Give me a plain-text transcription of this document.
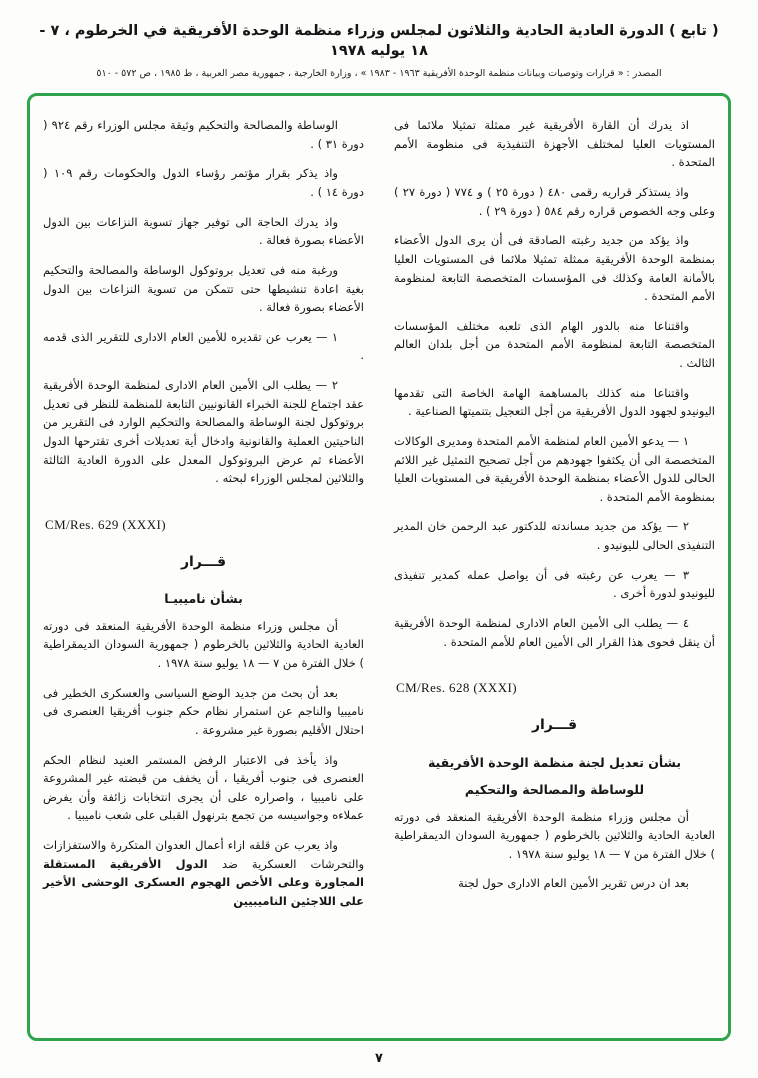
( تابع ) الدورة العادية الحادية والثلاثون لمجلس وزراء منظمة الوحدة الأفريقية في الخرطوم ، ٧ - ١٨ يوليه ١٩٧٨

المصدر : « قرارات وتوصيات وبيانات منظمة الوحدة الأفريقية ١٩٦٣ - ١٩٨٣ » ، وزارة الخارجية ، جمهورية مصر العربية ، ط ١٩٨٥ ، ص ٥٧٢ - ٥١٠

اذ يدرك أن القارة الأفريقية غير ممثلة تمثيلا ملائما فى المستويات العليا لمختلف الأجهزة التنفيذية فى منظومة الأمم المتحدة .

واذ يستذكر قراريه رقمى ٤٨٠ ( دورة ٢٥ ) و ٧٧٤ ( دورة ٢٧ ) وعلى وجه الخصوص قراره رقم ٥٨٤ ( دورة ٢٩ ) .

واذ يؤكد من جديد رغبته الصادقة فى أن يرى الدول الأعضاء بمنظمة الوحدة الأفريقية ممثلة تمثيلا ملائما فى المستويات العليا بالأمانة العامة وكذلك فى المؤسسات المتخصصة التابعة لمنظومة الأمم المتحدة .

واقتناعا منه بالدور الهام الذى تلعبه مختلف المؤسسات المتخصصة التابعة لمنظومة الأمم المتحدة من أجل بلدان العالم الثالث .

واقتناعا منه كذلك بالمساهمة الهامة الخاصة التى تقدمها اليونيدو لجهود الدول الأفريقية من أجل التعجيل بتنميتها الصناعية .

١ — يدعو الأمين العام لمنظمة الأمم المتحدة ومديرى الوكالات المتخصصة الى أن يكثفوا جهودهم من أجل تصحيح التمثيل غير اللائم الحالى للدول الأعضاء بمنظمة الوحدة الأفريقية فى المستويات العليا بمنظومة الأمم المتحدة .

٢ — يؤكد من جديد مساندته للدكتور عبد الرحمن خان المدير التنفيذى الحالى لليونيدو .

٣ — يعرب عن رغبته فى أن يواصل عمله كمدير تنفيذى لليونيدو لدورة أخرى .

٤ — يطلب الى الأمين العام الادارى لمنظمة الوحدة الأفريقية أن ينقل فحوى هذا القرار الى الأمين العام للأمم المتحدة .

CM/Res. 628 (XXXI)

قـــرار

بشأن تعديل لجنة منظمة الوحدة الأفريقية

للوساطة والمصالحة والتحكيم

أن مجلس وزراء منظمة الوحدة الأفريقية المنعقد فى دورته العادية الحادية والثلاثين بالخرطوم ( جمهورية السودان الديمقراطية ) خلال الفترة من ٧ — ١٨ يوليو سنة ١٩٧٨ .

بعد ان درس تقرير الأمين العام الادارى حول لجنة

الوساطة والمصالحة والتحكيم وثيقة مجلس الوزراء رقم ٩٢٤ ( دورة ٣١ ) .

واذ يذكر بقرار مؤتمر رؤساء الدول والحكومات رقم ١٠٩ ( دورة ١٤ ) .

واذ يدرك الحاجة الى توفير جهاز تسوية النزاعات بين الدول الأعضاء بصورة فعالة .

ورغبة منه فى تعديل بروتوكول الوساطة والمصالحة والتحكيم بغية اعادة تنشيطها حتى تتمكن من تسوية النزاعات بين الدول الأعضاء بصورة فعالة .

١ — يعرب عن تقديره للأمين العام الادارى للتقرير الذى قدمه .

٢ — يطلب الى الأمين العام الادارى لمنظمة الوحدة الأفريقية عقد اجتماع للجنة الخبراء القانونيين التابعة للمنظمة للنظر فى تعديل بروتوكول لجنة الوساطة والمصالحة والتحكيم الوارد فى التقرير من الناحيتين العملية والقانونية وادخال أية تعديلات أخرى تقترحها الدول الأعضاء ثم عرض البروتوكول المعدل على الدورة العادية الثالثة والثلاثين لمجلس الوزراء لبحثه .

CM/Res. 629 (XXXI)

قـــرار

بشأن ناميبيـا

أن مجلس وزراء منظمة الوحدة الأفريقية المنعقد فى دورته العادية الحادية والثلاثين بالخرطوم ( جمهورية السودان الديمقراطية ) خلال الفترة من ٧ — ١٨ يوليو سنة ١٩٧٨ .

بعد أن بحث من جديد الوضع السياسى والعسكرى الخطير فى ناميبيا والناجم عن استمرار نظام حكم جنوب أفريقيا العنصرى فى احتلال الأقليم بصورة غير مشروعة .

واذ يأخذ فى الاعتبار الرفض المستمر العنيد لنظام الحكم العنصرى فى جنوب أفريقيا ، أن يخفف من قبضته غير المشروعة على ناميبيا ، واصراره على أن يجرى انتخابات زائفة وأن يفرض عملاءه وجواسيسه من تجمع بترنهول القبلى على شعب ناميبيا .

واذ يعرب عن قلقه ازاء أعمال العدوان المتكررة والاستفزازات والتحرشات العسكرية ضد الدول الأفريقية المستقلة المجاورة وعلى الأخص الهجوم العسكرى الوحشى الأخير على اللاجئين الناميبيين

٧
